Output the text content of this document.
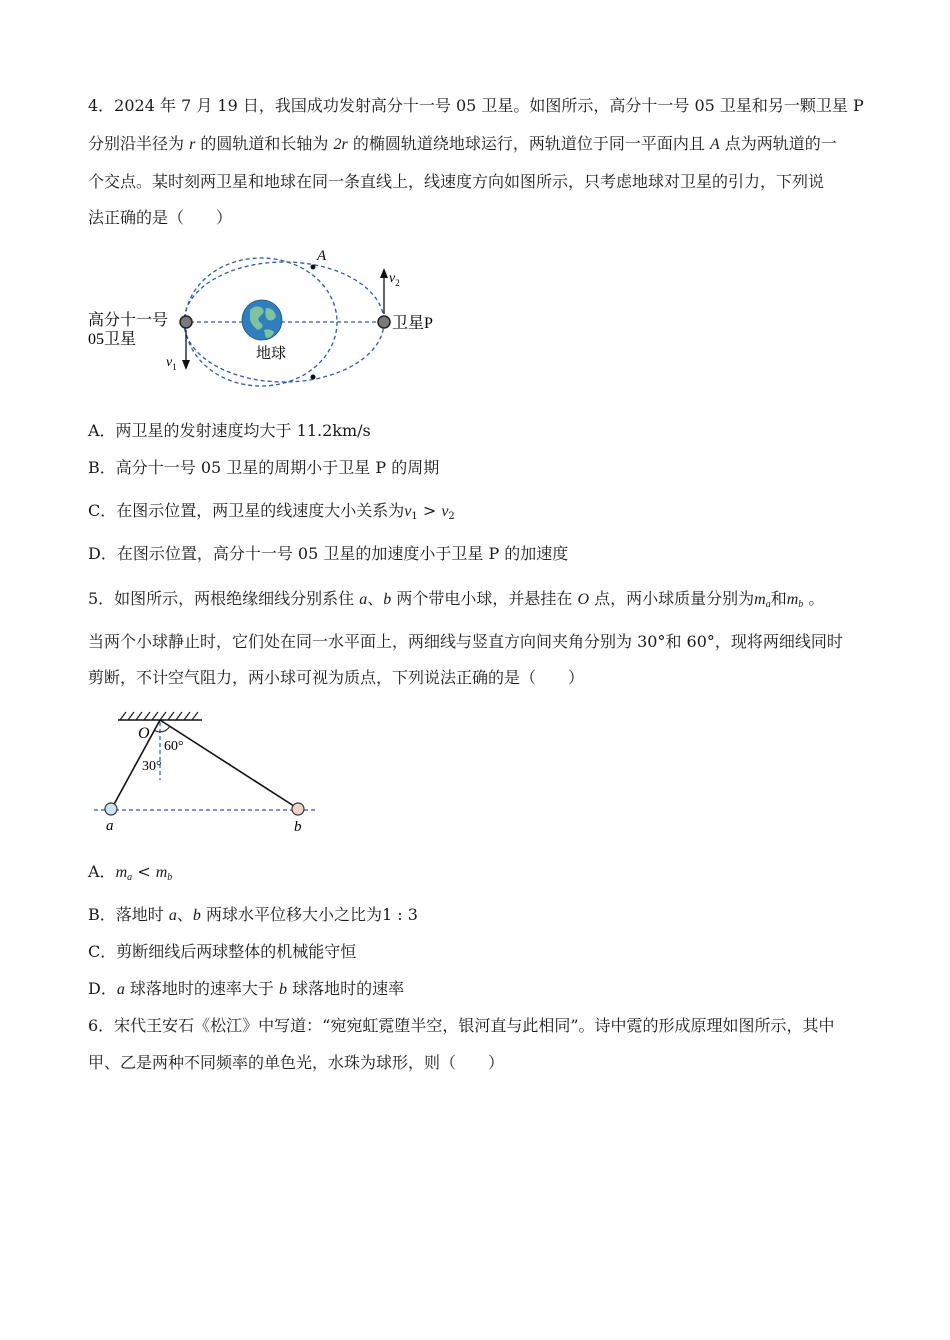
4．2024 年 7 月 19 日，我国成功发射高分十一号 05 卫星。如图所示，高分十一号 05 卫星和另一颗卫星 P
分别沿半径为 r 的圆轨道和长轴为 2r 的椭圆轨道绕地球运行，两轨道位于同一平面内且 A 点为两轨道的一
个交点。某时刻两卫星和地球在同一条直线上，线速度方向如图所示，只考虑地球对卫星的引力，下列说
法正确的是（　　）
A
$v_2$
$v_1$
高分十一号
05卫星
卫星P
地球
A．两卫星的发射速度均大于 11.2km/s
B．高分十一号 05 卫星的周期小于卫星 P 的周期
C．在图示位置，两卫星的线速度大小关系为$v_1 > v_2$
D．在图示位置，高分十一号 05 卫星的加速度小于卫星 P 的加速度
5．如图所示，两根绝缘细线分别系住 a、b 两个带电小球，并悬挂在 O 点，两小球质量分别为$m_a$和$m_b$ 。
当两个小球静止时，它们处在同一水平面上，两细线与竖直方向间夹角分别为 30°和 60°，现将两细线同时
剪断，不计空气阻力，两小球可视为质点，下列说法正确的是（　　）
O
60°
30°
a	b
A．$m_a < m_b$
B．落地时 a、b 两球水平位移大小之比为1 : 3
C．剪断细线后两球整体的机械能守恒
D．a 球落地时的速率大于 b 球落地时的速率
6．宋代王安石《松江》中写道：“宛宛虹霓堕半空，银河直与此相同”。诗中霓的形成原理如图所示，其中
甲、乙是两种不同频率的单色光，水珠为球形，则（　　）
